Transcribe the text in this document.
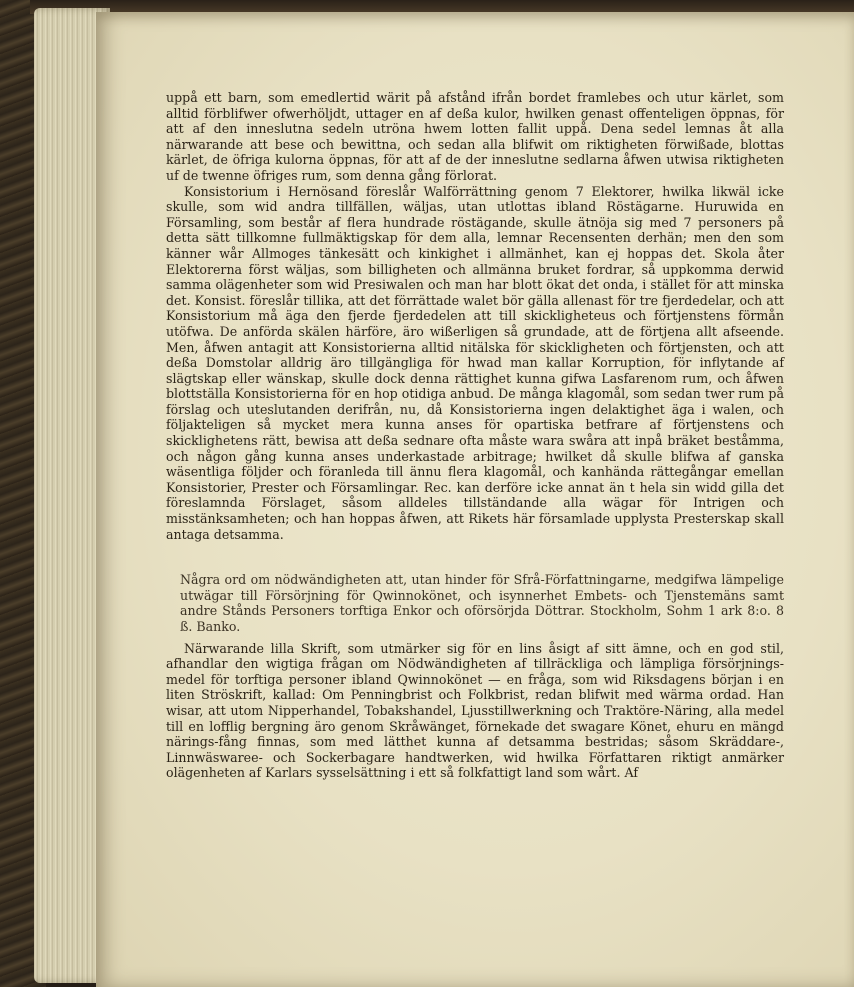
uppå ett barn, som emedlertid wärit på afstånd ifrån bordet framlebes och utur kärlet, som alltid förblifwer ofwerhöljdt, uttager en af deßa kulor, hwilken genast offenteligen öppnas, för att af den inneslutna sedeln utröna hwem lotten fallit uppå. Dena sedel lemnas åt alla närwarande att bese och bewittna, och sedan alla blifwit om riktigheten förwißade, blottas kärlet, de öfriga kulorna öppnas, för att af de der inneslutne sedlarna åfwen utwisa riktigheten uf de twenne öfriges rum, som denna gång förlorat.

Konsistorium i Hernösand föreslår Walförrättning genom 7 Elektorer, hwilka likwäl icke skulle, som wid andra tillfällen, wäljas, utan utlottas ibland Röstägarne. Huruwida en Församling, som består af flera hundrade röstägande, skulle ätnöja sig med 7 personers på detta sätt tillkomne fullmäktigskap för dem alla, lemnar Recensenten derhän; men den som känner wår Allmoges tänkesätt och kinkighet i allmänhet, kan ej hoppas det. Skola åter Elektorerna först wäljas, som billigheten och allmänna bruket fordrar, så uppkomma derwid samma olägenheter som wid Presiwalen och man har blott ökat det onda, i stället för att minska det. Konsist. föreslår tillika, att det förrättade walet bör gälla allenast för tre fjerdedelar, och att Konsistorium må äga den fjerde fjerdedelen att till skickligheteus och förtjenstens förmån utöfwa. De anförda skälen härföre, äro wißerligen så grundade, att de förtjena allt afseende. Men, åfwen antagit att Konsistorierna alltid nitälska för skickligheten och förtjensten, och att deßa Domstolar alldrig äro tillgängliga för hwad man kallar Korruption, för inflytande af slägtskap eller wänskap, skulle dock denna rättighet kunna gifwa Lasfarenom rum, och åfwen blottställa Konsistorierna för en hop otidiga anbud. De många klagomål, som sedan twer rum på förslag och uteslutanden derifrån, nu, då Konsistorierna ingen delaktighet äga i walen, och följakteligen så mycket mera kunna anses för opartiska betfrare af förtjenstens och skicklighetens rätt, bewisa att deßa sednare ofta måste wara swåra att inpå bräket beståmma, och någon gång kunna anses underkastade arbitrage; hwilket då skulle blifwa af ganska wäsentliga följder och föranleda till ännu flera klagomål, och kanhända rättegångar emellan Konsistorier, Prester och Församlingar. Rec. kan derföre icke annat än t hela sin widd gilla det föreslamnda Förslaget, såsom alldeles tillständande alla wägar för Intrigen och misstänksamheten; och han hoppas åfwen, att Rikets här församlade upplysta Presterskap skall antaga detsamma.

Några ord om nödwändigheten att, utan hinder för Sfrå-Författningarne, medgifwa lämpelige utwägar till Försörjning för Qwinnokönet, och isynnerhet Embets- och Tjenstemäns samt andre Stånds Personers torftiga Enkor och oförsörjda Döttrar. Stockholm, Sohm 1 ark 8:o. 8 ß. Banko.

Närwarande lilla Skrift, som utmärker sig för en lins åsigt af sitt ämne, och en god stil, afhandlar den wigtiga frågan om Nödwändigheten af tillräckliga och lämpliga försörjnings-medel för torftiga personer ibland Qwinnokönet — en fråga, som wid Riksdagens början i en liten Ströskrift, kallad: Om Penningbrist och Folkbrist, redan blifwit med wärma ordad. Han wisar, att utom Nipperhandel, Tobakshandel, Ljusstillwerkning och Traktöre-Näring, alla medel till en lofflig bergning äro genom Skråwänget, förnekade det swagare Könet, ehuru en mängd närings-fång finnas, som med lätthet kunna af detsamma bestridas; såsom Skräddare-, Linnwäswaree- och Sockerbagare handtwerken, wid hwilka Författaren riktigt anmärker olägenheten af Karlars sysselsättning i ett så folkfattigt land som wårt. Af
